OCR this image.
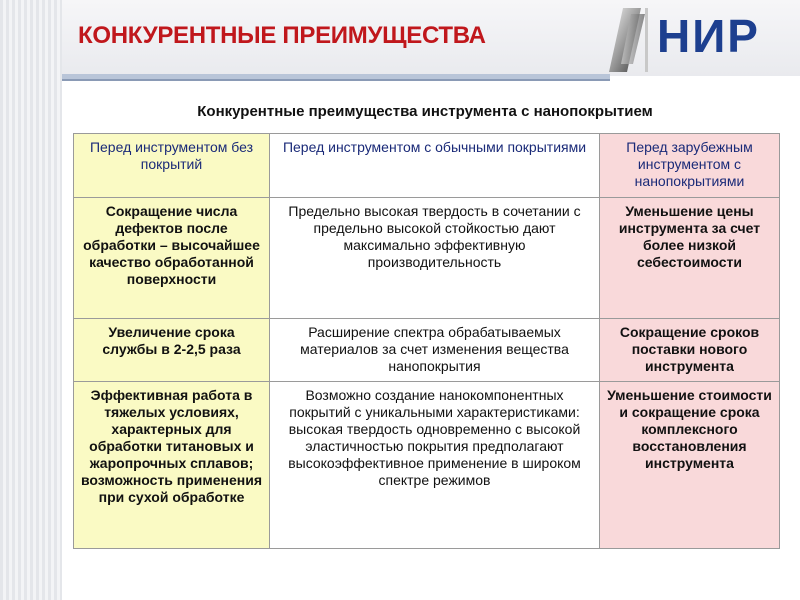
КОНКУРЕНТНЫЕ ПРЕИМУЩЕСТВА	НИР
Конкурентные преимущества инструмента с нанопокрытием
Перед инструментом без покрытий	Перед инструментом с обычными покрытиями	Перед зарубежным инструментом с нанопокрытиями
Сокращение числа дефектов после обработки – высочайшее качество обработанной поверхности	Предельно высокая твердость в сочетании с предельно высокой стойкостью дают максимально эффективную производительность	Уменьшение цены инструмента за счет более низкой себестоимости
Увеличение срока службы в 2-2,5 раза	Расширение спектра обрабатываемых материалов за счет изменения вещества нанопокрытия	Сокращение сроков поставки нового инструмента
Эффективная работа в тяжелых условиях, характерных для обработки титановых и жаропрочных сплавов; возможность применения при сухой обработке	Возможно создание нанокомпонентных покрытий с уникальными характеристиками: высокая твердость одновременно с высокой эластичностью покрытия предполагают высокоэффективное применение в широком спектре режимов	Уменьшение стоимости и сокращение срока комплексного восстановления инструмента
